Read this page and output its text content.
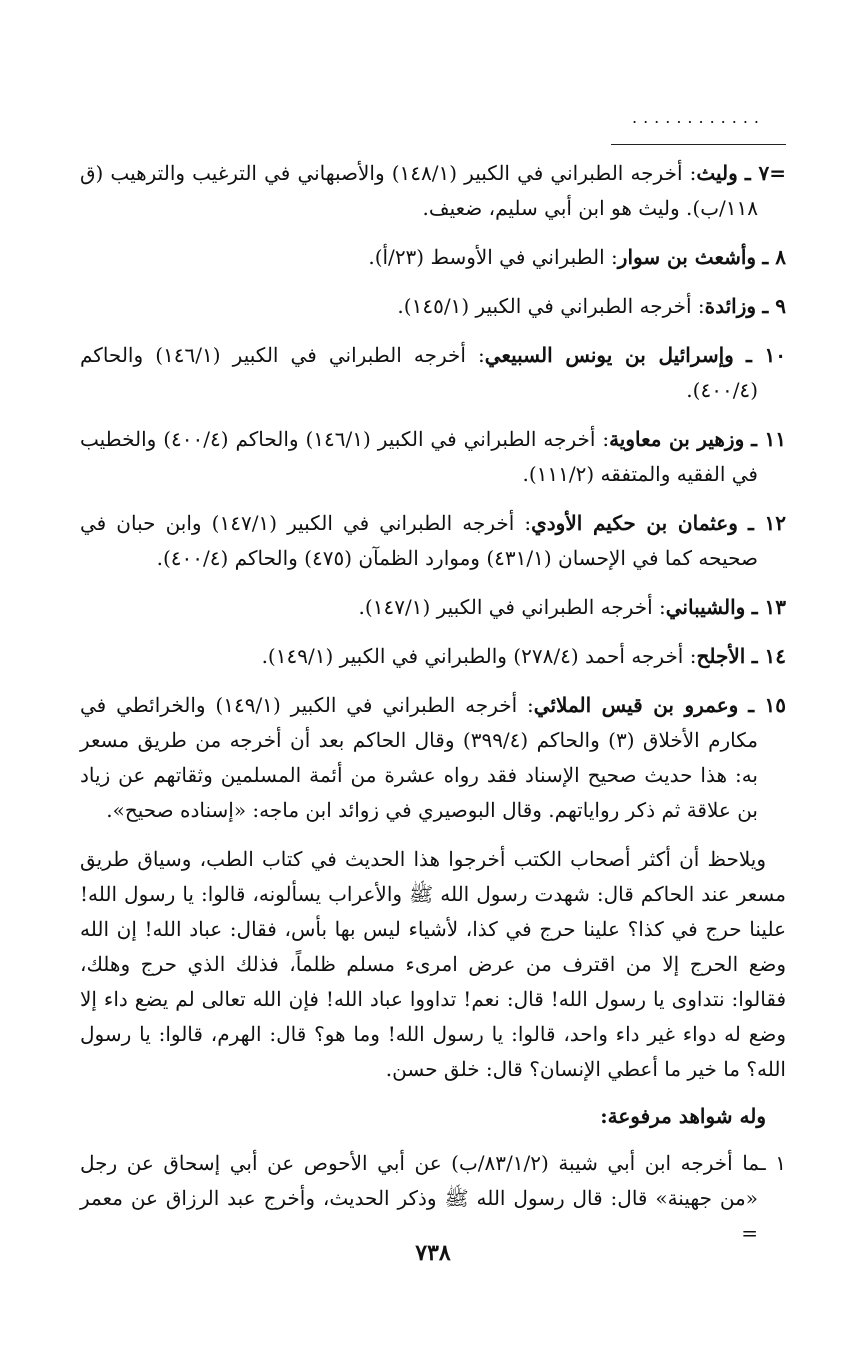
............

=٧ ـ وليث: أخرجه الطبراني في الكبير (١٤٨/١) والأصبهاني في الترغيب والترهيب (ق ١١٨/ب). وليث هو ابن أبي سليم، ضعيف.

٨ ـ وأشعث بن سوار: الطبراني في الأوسط (٢٣/أ).

٩ ـ وزائدة: أخرجه الطبراني في الكبير (١٤٥/١).

١٠ ـ وإسرائيل بن يونس السبيعي: أخرجه الطبراني في الكبير (١٤٦/١) والحاكم (٤٠٠/٤).

١١ ـ وزهير بن معاوية: أخرجه الطبراني في الكبير (١٤٦/١) والحاكم (٤٠٠/٤) والخطيب في الفقيه والمتفقه (١١١/٢).

١٢ ـ وعثمان بن حكيم الأودي: أخرجه الطبراني في الكبير (١٤٧/١) وابن حبان في صحيحه كما في الإحسان (٤٣١/١) وموارد الظمآن (٤٧٥) والحاكم (٤٠٠/٤).

١٣ ـ والشيباني: أخرجه الطبراني في الكبير (١٤٧/١).

١٤ ـ الأجلح: أخرجه أحمد (٢٧٨/٤) والطبراني في الكبير (١٤٩/١).

١٥ ـ وعمرو بن قيس الملائي: أخرجه الطبراني في الكبير (١٤٩/١) والخرائطي في مكارم الأخلاق (٣) والحاكم (٣٩٩/٤) وقال الحاكم بعد أن أخرجه من طريق مسعر به: هذا حديث صحيح الإسناد فقد رواه عشرة من أئمة المسلمين وثقاتهم عن زياد بن علاقة ثم ذكر رواياتهم. وقال البوصيري في زوائد ابن ماجه: «إسناده صحيح».

ويلاحظ أن أكثر أصحاب الكتب أخرجوا هذا الحديث في كتاب الطب، وسياق طريق مسعر عند الحاكم قال: شهدت رسول الله ﷺ والأعراب يسألونه، قالوا: يا رسول الله! علينا حرج في كذا؟ علينا حرج في كذا، لأشياء ليس بها بأس، فقال: عباد الله! إن الله وضع الحرج إلا من اقترف من عرض امرىء مسلم ظلماً، فذلك الذي حرج وهلك، فقالوا: نتداوى يا رسول الله! قال: نعم! تداووا عباد الله! فإن الله تعالى لم يضع داء إلا وضع له دواء غير داء واحد، قالوا: يا رسول الله! وما هو؟ قال: الهرم، قالوا: يا رسول الله؟ ما خير ما أعطي الإنسان؟ قال: خلق حسن.

وله شواهد مرفوعة:

١ ـما أخرجه ابن أبي شيبة (٨٣/١/٢/ب) عن أبي الأحوص عن أبي إسحاق عن رجل «من جهينة» قال: قال رسول الله ﷺ وذكر الحديث، وأخرج عبد الرزاق عن معمر =

٧٣٨
